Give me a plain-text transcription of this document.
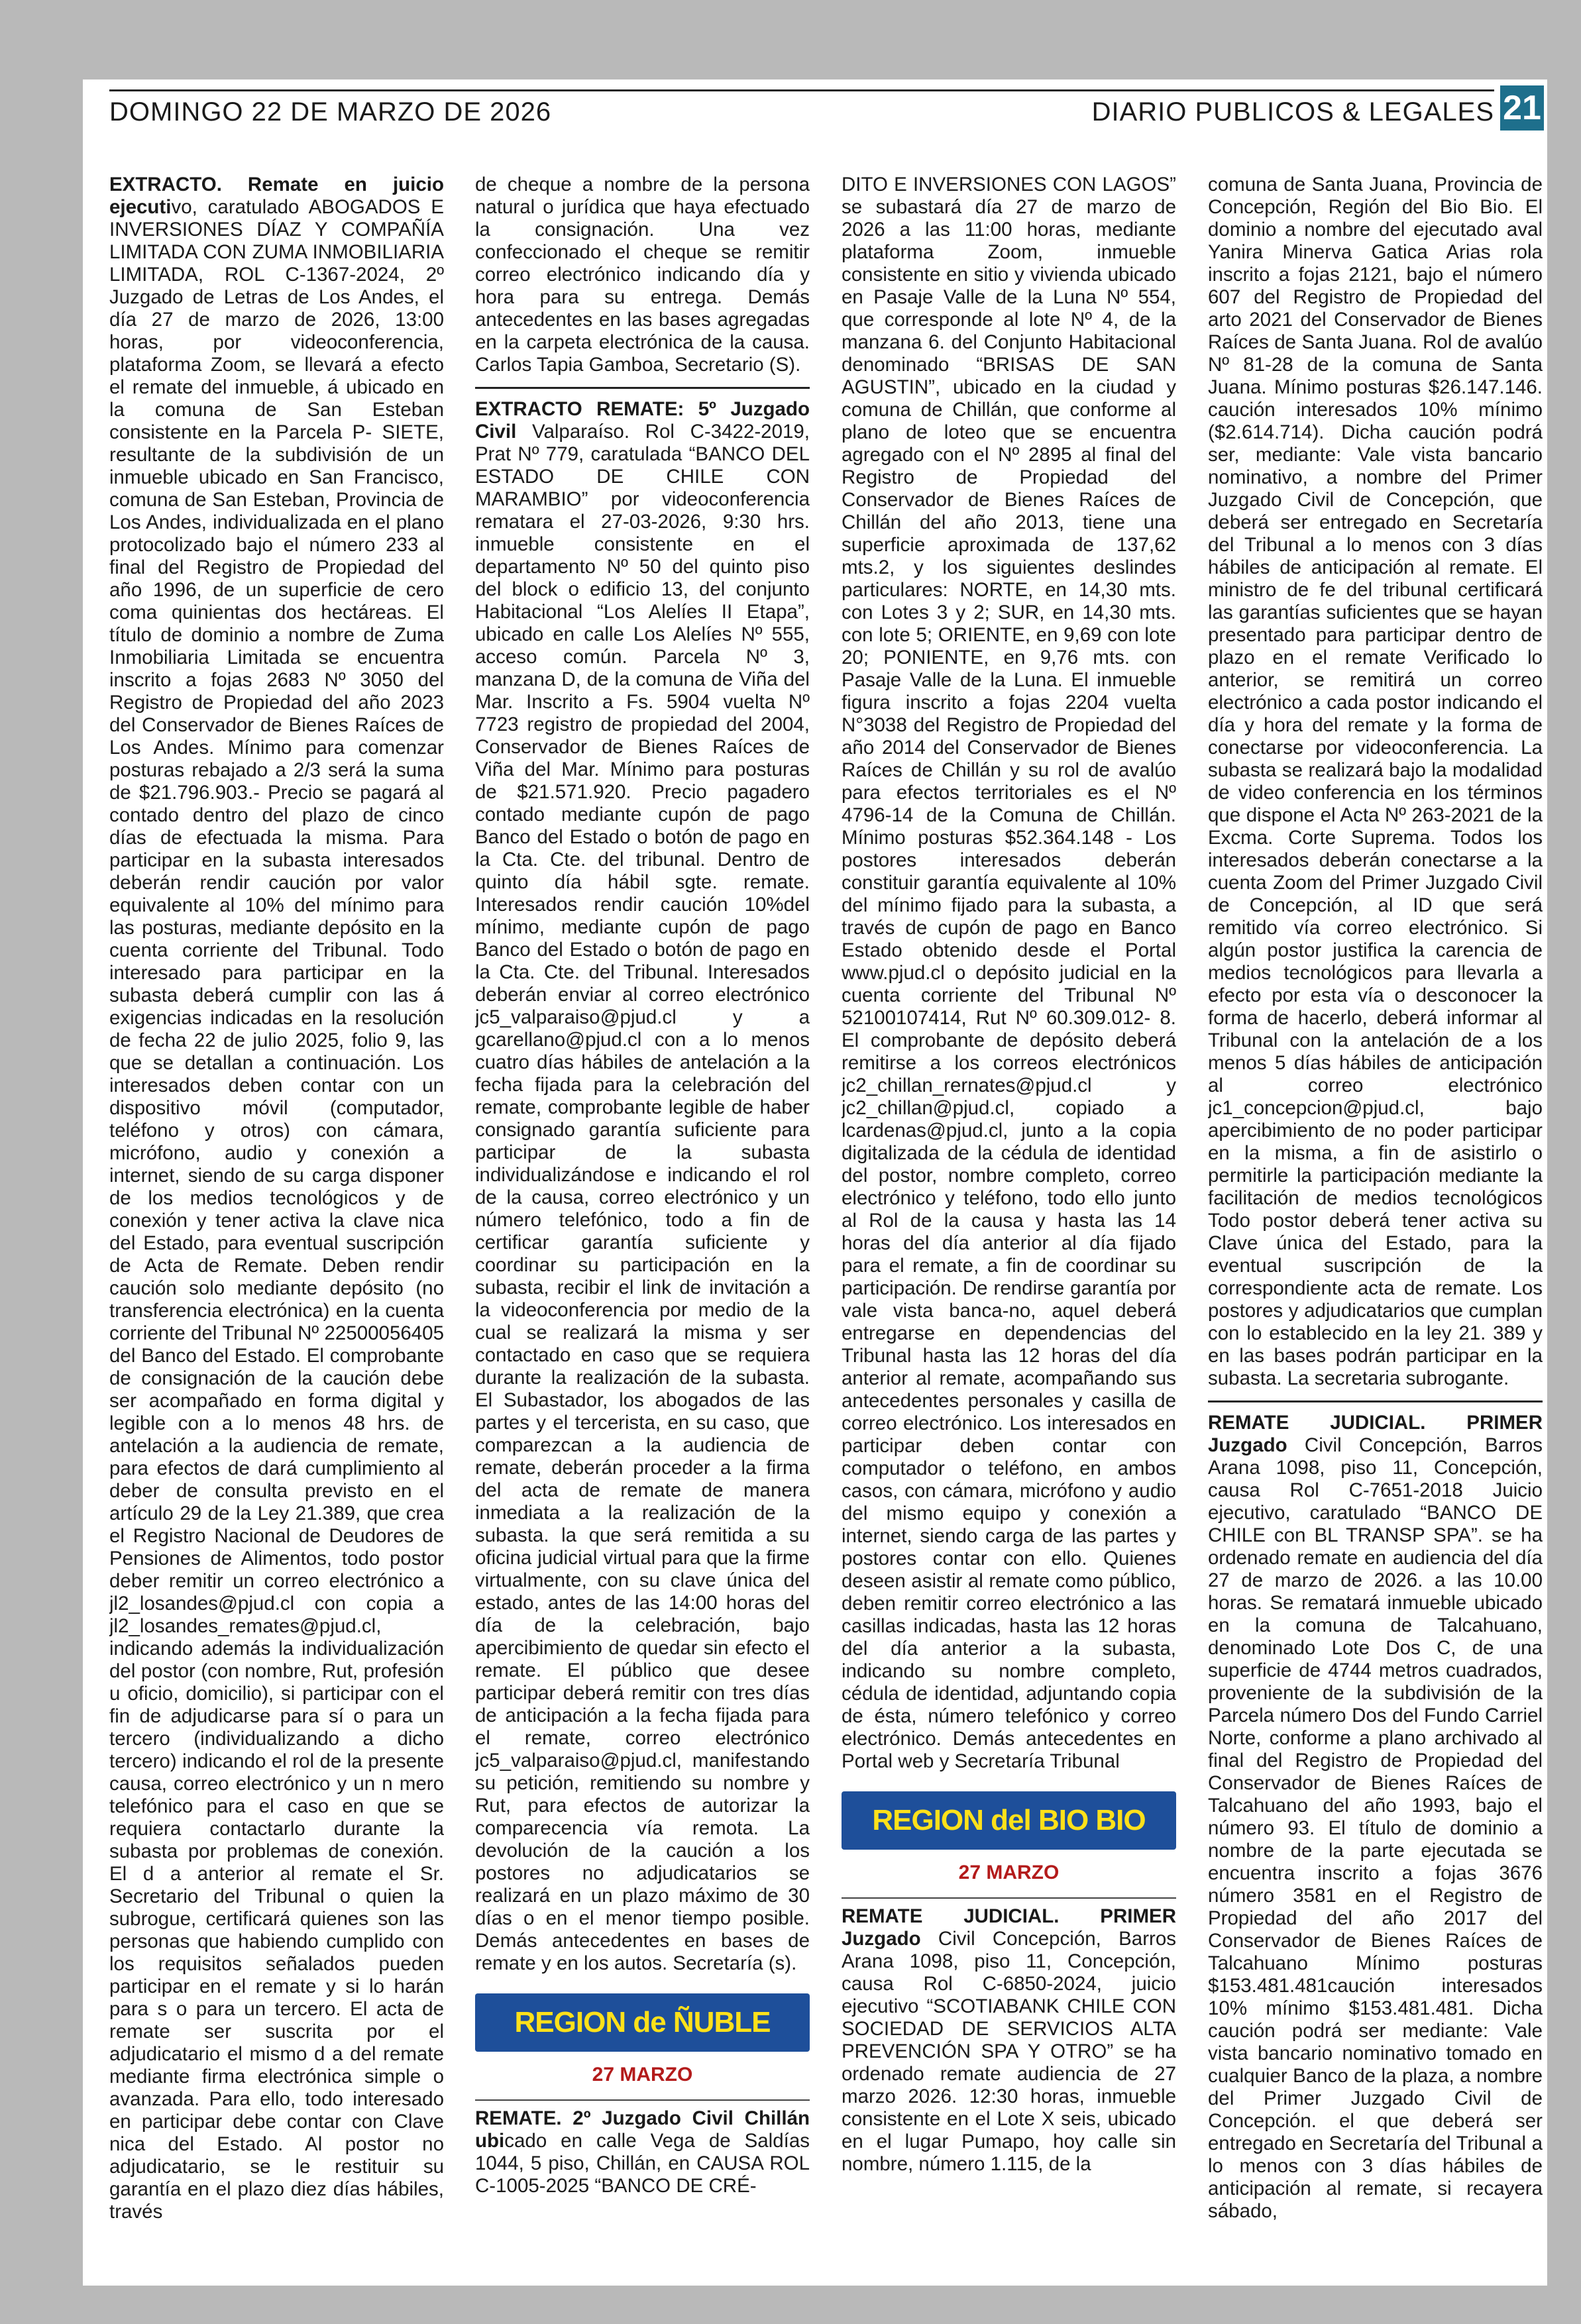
DOMINGO 22 DE MARZO DE 2026	DIARIO PUBLICOS & LEGALES 21

EXTRACTO. Remate en juicio ejecutivo, caratulado ABOGADOS E INVERSIONES DÍAZ Y COMPAÑÍA LIMITADA CON ZUMA INMOBILIARIA LIMITADA, ROL C-1367-2024, 2º Juzgado de Letras de Los Andes, el día 27 de marzo de 2026, 13:00 horas, por videoconferencia, plataforma Zoom, se llevará a efecto el remate del inmueble, á ubicado en la comuna de San Esteban consistente en la Parcela P- SIETE, resultante de la subdivisión de un inmueble ubicado en San Francisco, comuna de San Esteban, Provincia de Los Andes, individualizada en el plano protocolizado bajo el número 233 al final del Registro de Propiedad del año 1996, de un superficie de cero coma quinientas dos hectáreas. El título de dominio a nombre de Zuma Inmobiliaria Limitada se encuentra inscrito a fojas 2683 Nº 3050 del Registro de Propiedad del año 2023 del Conservador de Bienes Raíces de Los Andes. Mínimo para comenzar posturas rebajado a 2/3 será la suma de $21.796.903.- Precio se pagará al contado dentro del plazo de cinco días de efectuada la misma. Para participar en la subasta interesados deberán rendir caución por valor equivalente al 10% del mínimo para las posturas, mediante depósito en la cuenta corriente del Tribunal. Todo interesado para participar en la subasta deberá cumplir con las á exigencias indicadas en la resolución de fecha 22 de julio 2025, folio 9, las que se detallan a continuación. Los interesados deben contar con un dispositivo móvil (computador, teléfono y otros) con cámara, micrófono, audio y conexión a internet, siendo de su carga disponer de los medios tecnológicos y de conexión y tener activa la clave nica del Estado, para eventual suscripción de Acta de Remate. Deben rendir caución solo mediante depósito (no transferencia electrónica) en la cuenta corriente del Tribunal Nº 22500056405 del Banco del Estado. El comprobante de consignación de la caución debe ser acompañado en forma digital y legible con a lo menos 48 hrs. de antelación a la audiencia de remate, para efectos de dará cumplimiento al deber de consulta previsto en el artículo 29 de la Ley 21.389, que crea el Registro Nacional de Deudores de Pensiones de Alimentos, todo postor deber remitir un correo electrónico a jl2_losandes@pjud.cl con copia a jl2_losandes_remates@pjud.cl, indicando además la individualización del postor (con nombre, Rut, profesión u oficio, domicilio), si participar con el fin de adjudicarse para sí o para un tercero (individualizando a dicho tercero) indicando el rol de la presente causa, correo electrónico y un n mero telefónico para el caso en que se requiera contactarlo durante la subasta por problemas de conexión. El d a anterior al remate el Sr. Secretario del Tribunal o quien la subrogue, certificará quienes son las personas que habiendo cumplido con los requisitos señalados pueden participar en el remate y si lo harán para s o para un tercero. El acta de remate ser suscrita por el adjudicatario el mismo d a del remate mediante firma electrónica simple o avanzada. Para ello, todo interesado en participar debe contar con Clave nica del Estado. Al postor no adjudicatario, se le restituir su garantía en el plazo diez días hábiles, través

de cheque a nombre de la persona natural o jurídica que haya efectuado la consignación. Una vez confeccionado el cheque se remitir correo electrónico indicando día y hora para su entrega. Demás antecedentes en las bases agregadas en la carpeta electrónica de la causa. Carlos Tapia Gamboa, Secretario (S).

EXTRACTO REMATE: 5º Juzgado Civil Valparaíso. Rol C-3422-2019, Prat Nº 779, caratulada “BANCO DEL ESTADO DE CHILE CON MARAMBIO” por videoconferencia rematara el 27-03-2026, 9:30 hrs. inmueble consistente en el departamento Nº 50 del quinto piso del block o edificio 13, del conjunto Habitacional “Los Alelíes II Etapa”, ubicado en calle Los Alelíes Nº 555, acceso común. Parcela Nº 3, manzana D, de la comuna de Viña del Mar. Inscrito a Fs. 5904 vuelta Nº 7723 registro de propiedad del 2004, Conservador de Bienes Raíces de Viña del Mar. Mínimo para posturas de $21.571.920. Precio pagadero contado mediante cupón de pago Banco del Estado o botón de pago en la Cta. Cte. del tribunal. Dentro de quinto día hábil sgte. remate. Interesados rendir caución 10%del mínimo, mediante cupón de pago Banco del Estado o botón de pago en la Cta. Cte. del Tribunal. Interesados deberán enviar al correo electrónico jc5_valparaiso@pjud.cl y a gcarellano@pjud.cl con a lo menos cuatro días hábiles de antelación a la fecha fijada para la celebración del remate, comprobante legible de haber consignado garantía suficiente para participar de la subasta individualizándose e indicando el rol de la causa, correo electrónico y un número telefónico, todo a fin de certificar garantía suficiente y coordinar su participación en la subasta, recibir el link de invitación a la videoconferencia por medio de la cual se realizará la misma y ser contactado en caso que se requiera durante la realización de la subasta. El Subastador, los abogados de las partes y el tercerista, en su caso, que comparezcan a la audiencia de remate, deberán proceder a la firma del acta de remate de manera inmediata a la realización de la subasta. la que será remitida a su oficina judicial virtual para que la firme virtualmente, con su clave única del estado, antes de las 14:00 horas del día de la celebración, bajo apercibimiento de quedar sin efecto el remate. El público que desee participar deberá remitir con tres días de anticipación a la fecha fijada para el remate, correo electrónico jc5_valparaiso@pjud.cl, manifestando su petición, remitiendo su nombre y Rut, para efectos de autorizar la comparecencia vía remota. La devolución de la caución a los postores no adjudicatarios se realizará en un plazo máximo de 30 días o en el menor tiempo posible. Demás antecedentes en bases de remate y en los autos. Secretaría (s).

REGION de ÑUBLE
27 MARZO

REMATE. 2º Juzgado Civil Chillán ubicado en calle Vega de Saldías 1044, 5 piso, Chillán, en CAUSA ROL C-1005-2025 “BANCO DE CRÉ-

DITO E INVERSIONES CON LAGOS” se subastará día 27 de marzo de 2026 a las 11:00 horas, mediante plataforma Zoom, inmueble consistente en sitio y vivienda ubicado en Pasaje Valle de la Luna Nº 554, que corresponde al lote Nº 4, de la manzana 6. del Conjunto Habitacional denominado “BRISAS DE SAN AGUSTIN”, ubicado en la ciudad y comuna de Chillán, que conforme al plano de loteo que se encuentra agregado con el Nº 2895 al final del Registro de Propiedad del Conservador de Bienes Raíces de Chillán del año 2013, tiene una superficie aproximada de 137,62 mts.2, y los siguientes deslindes particulares: NORTE, en 14,30 mts. con Lotes 3 y 2; SUR, en 14,30 mts. con lote 5; ORIENTE, en 9,69 con lote 20; PONIENTE, en 9,76 mts. con Pasaje Valle de la Luna. El inmueble figura inscrito a fojas 2204 vuelta N°3038 del Registro de Propiedad del año 2014 del Conservador de Bienes Raíces de Chillán y su rol de avalúo para efectos territoriales es el Nº 4796-14 de la Comuna de Chillán. Mínimo posturas $52.364.148 - Los postores interesados deberán constituir garantía equivalente al 10% del mínimo fijado para la subasta, a través de cupón de pago en Banco Estado obtenido desde el Portal www.pjud.cl o depósito judicial en la cuenta corriente del Tribunal Nº 52100107414, Rut Nº 60.309.012- 8. El comprobante de depósito deberá remitirse a los correos electrónicos jc2_chillan_rernates@pjud.cl y jc2_chillan@pjud.cl, copiado a lcardenas@pjud.cl, junto a la copia digitalizada de la cédula de identidad del postor, nombre completo, correo electrónico y teléfono, todo ello junto al Rol de la causa y hasta las 14 horas del día anterior al día fijado para el remate, a fin de coordinar su participación. De rendirse garantía por vale vista banca-no, aquel deberá entregarse en dependencias del Tribunal hasta las 12 horas del día anterior al remate, acompañando sus antecedentes personales y casilla de correo electrónico. Los interesados en participar deben contar con computador o teléfono, en ambos casos, con cámara, micrófono y audio del mismo equipo y conexión a internet, siendo carga de las partes y postores contar con ello. Quienes deseen asistir al remate como público, deben remitir correo electrónico a las casillas indicadas, hasta las 12 horas del día anterior a la subasta, indicando su nombre completo, cédula de identidad, adjuntando copia de ésta, número telefónico y correo electrónico. Demás antecedentes en Portal web y Secretaría Tribunal

REGION del BIO BIO
27 MARZO

REMATE JUDICIAL. PRIMER Juzgado Civil Concepción, Barros Arana 1098, piso 11, Concepción, causa Rol C-6850-2024, juicio ejecutivo “SCOTIABANK CHILE CON SOCIEDAD DE SERVICIOS ALTA PREVENCIÓN SPA Y OTRO” se ha ordenado remate audiencia de 27 marzo 2026. 12:30 horas, inmueble consistente en el Lote X seis, ubicado en el lugar Pumapo, hoy calle sin nombre, número 1.115, de la

comuna de Santa Juana, Provincia de Concepción, Región del Bio Bio. El dominio a nombre del ejecutado aval Yanira Minerva Gatica Arias rola inscrito a fojas 2121, bajo el número 607 del Registro de Propiedad del arto 2021 del Conservador de Bienes Raíces de Santa Juana. Rol de avalúo Nº 81-28 de la comuna de Santa Juana. Mínimo posturas $26.147.146. caución interesados 10% mínimo ($2.614.714). Dicha caución podrá ser, mediante: Vale vista bancario nominativo, a nombre del Primer Juzgado Civil de Concepción, que deberá ser entregado en Secretaría del Tribunal a lo menos con 3 días hábiles de anticipación al remate. El ministro de fe del tribunal certificará las garantías suficientes que se hayan presentado para participar dentro de plazo en el remate Verificado lo anterior, se remitirá un correo electrónico a cada postor indicando el día y hora del remate y la forma de conectarse por videoconferencia. La subasta se realizará bajo la modalidad de video conferencia en los términos que dispone el Acta Nº 263-2021 de la Excma. Corte Suprema. Todos los interesados deberán conectarse a la cuenta Zoom del Primer Juzgado Civil de Concepción, al ID que será remitido vía correo electrónico. Si algún postor justifica la carencia de medios tecnológicos para llevarla a efecto por esta vía o desconocer la forma de hacerlo, deberá informar al Tribunal con la antelación de a los menos 5 días hábiles de anticipación al correo electrónico jc1_concepcion@pjud.cl, bajo apercibimiento de no poder participar en la misma, a fin de asistirlo o permitirle la participación mediante la facilitación de medios tecnológicos Todo postor deberá tener activa su Clave única del Estado, para la eventual suscripción de la correspondiente acta de remate. Los postores y adjudicatarios que cumplan con lo establecido en la ley 21. 389 y en las bases podrán participar en la subasta. La secretaria subrogante.

REMATE JUDICIAL. PRIMER Juzgado Civil Concepción, Barros Arana 1098, piso 11, Concepción, causa Rol C-7651-2018 Juicio ejecutivo, caratulado “BANCO DE CHILE con BL TRANSP SPA”. se ha ordenado remate en audiencia del día 27 de marzo de 2026. a las 10.00 horas. Se rematará inmueble ubicado en la comuna de Talcahuano, denominado Lote Dos C, de una superficie de 4744 metros cuadrados, proveniente de la subdivisión de la Parcela número Dos del Fundo Carriel Norte, conforme a plano archivado al final del Registro de Propiedad del Conservador de Bienes Raíces de Talcahuano del año 1993, bajo el número 93. El título de dominio a nombre de la parte ejecutada se encuentra inscrito a fojas 3676 número 3581 en el Registro de Propiedad del año 2017 del Conservador de Bienes Raíces de Talcahuano Mínimo posturas $153.481.481caución interesados 10% mínimo $153.481.481. Dicha caución podrá ser mediante: Vale vista bancario nominativo tomado en cualquier Banco de la plaza, a nombre del Primer Juzgado Civil de Concepción. el que deberá ser entregado en Secretaría del Tribunal a lo menos con 3 días hábiles de anticipación al remate, si recayera sábado,
